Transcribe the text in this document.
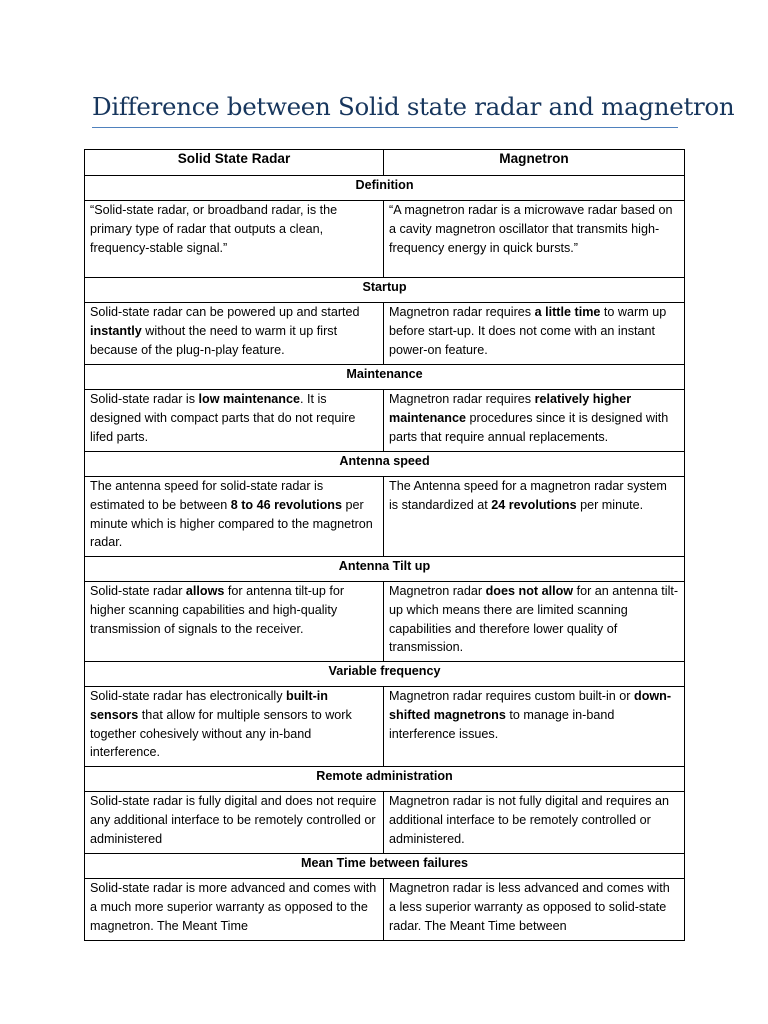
Difference between Solid state radar and magnetron
Solid State Radar	Magnetron
Definition	
“Solid-state radar, or broadband radar, is the primary type of radar that outputs a clean, frequency-stable signal.”	“A magnetron radar is a microwave radar based on a cavity magnetron oscillator that transmits high-frequency energy in quick bursts.”
Startup	
Solid-state radar can be powered up and started instantly without the need to warm it up first because of the plug-n-play feature.	Magnetron radar requires a little time to warm up before start-up. It does not come with an instant power-on feature.
Maintenance	
Solid-state radar is low maintenance. It is designed with compact parts that do not require lifed parts.	Magnetron radar requires relatively higher maintenance procedures since it is designed with parts that require annual replacements.
Antenna speed	
The antenna speed for solid-state radar is estimated to be between 8 to 46 revolutions per minute which is higher compared to the magnetron radar.	The Antenna speed for a magnetron radar system is standardized at 24 revolutions per minute.
Antenna Tilt up	
Solid-state radar allows for antenna tilt-up for higher scanning capabilities and high-quality transmission of signals to the receiver.	Magnetron radar does not allow for an antenna tilt-up which means there are limited scanning capabilities and therefore lower quality of transmission.
Variable frequency	
Solid-state radar has electronically built-in sensors that allow for multiple sensors to work together cohesively without any in-band interference.	Magnetron radar requires custom built-in or down-shifted magnetrons to manage in-band interference issues.
Remote administration	
Solid-state radar is fully digital and does not require any additional interface to be remotely controlled or administered	Magnetron radar is not fully digital and requires an additional interface to be remotely controlled or administered.
Mean Time between failures	
Solid-state radar is more advanced and comes with a much more superior warranty as opposed to the magnetron. The Meant Time	Magnetron radar is less advanced and comes with a less superior warranty as opposed to solid-state radar. The Meant Time between
